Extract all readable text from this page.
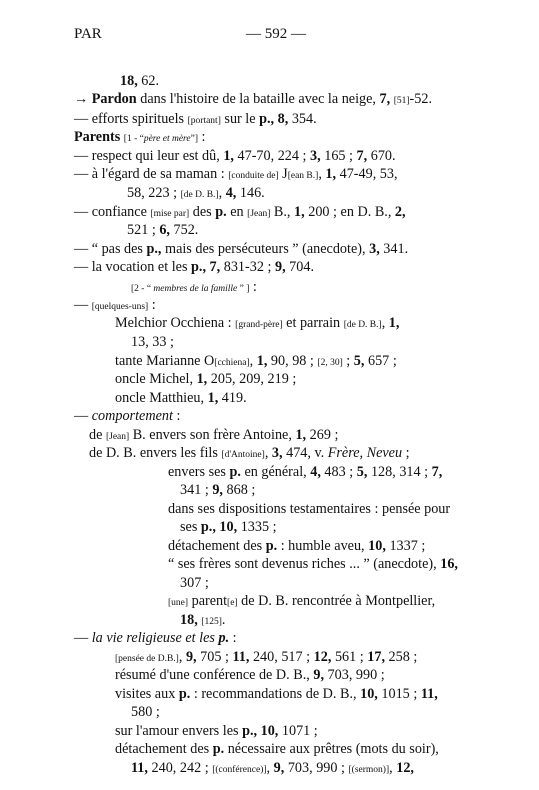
PAR	— 592 —
18, 62.
→ Pardon dans l'histoire de la bataille avec la neige, 7, [51]-52.
— efforts spirituels [portant] sur le p., 8, 354.
Parents [1 - “père et mère”] :
— respect qui leur est dû, 1, 47-70, 224 ; 3, 165 ; 7, 670.
— à l'égard de sa maman : [conduite de] J[ean B.], 1, 47-49, 53,
58, 223 ; [de D. B.], 4, 146.
— confiance [mise par] des p. en [Jean] B., 1, 200 ; en D. B., 2,
521 ; 6, 752.
— “ pas des p., mais des persécuteurs ” (anecdote), 3, 341.
— la vocation et les p., 7, 831-32 ; 9, 704.
[2 - “ membres de la famille ” ] :
— [quelques-uns] :
Melchior Occhiena : [grand-père] et parrain [de D. B.], 1,
13, 33 ;
tante Marianne O[cchiena], 1, 90, 98 ; [2, 30] ; 5, 657 ;
oncle Michel, 1, 205, 209, 219 ;
oncle Matthieu, 1, 419.
— comportement :
de [Jean] B. envers son frère Antoine, 1, 269 ;
de D. B. envers les fils [d'Antoine], 3, 474, v. Frère, Neveu ;
envers ses p. en général, 4, 483 ; 5, 128, 314 ; 7,
341 ; 9, 868 ;
dans ses dispositions testamentaires : pensée pour
ses p., 10, 1335 ;
détachement des p. : humble aveu, 10, 1337 ;
“ ses frères sont devenus riches ... ” (anecdote), 16,
307 ;
[une] parent[e] de D. B. rencontrée à Montpellier,
18, [125].
— la vie religieuse et les p. :
[pensée de D.B.], 9, 705 ; 11, 240, 517 ; 12, 561 ; 17, 258 ;
résumé d'une conférence de D. B., 9, 703, 990 ;
visites aux p. : recommandations de D. B., 10, 1015 ; 11,
580 ;
sur l'amour envers les p., 10, 1071 ;
détachement des p. nécessaire aux prêtres (mots du soir),
11, 240, 242 ; [(conférence)], 9, 703, 990 ; [(sermon)], 12,
